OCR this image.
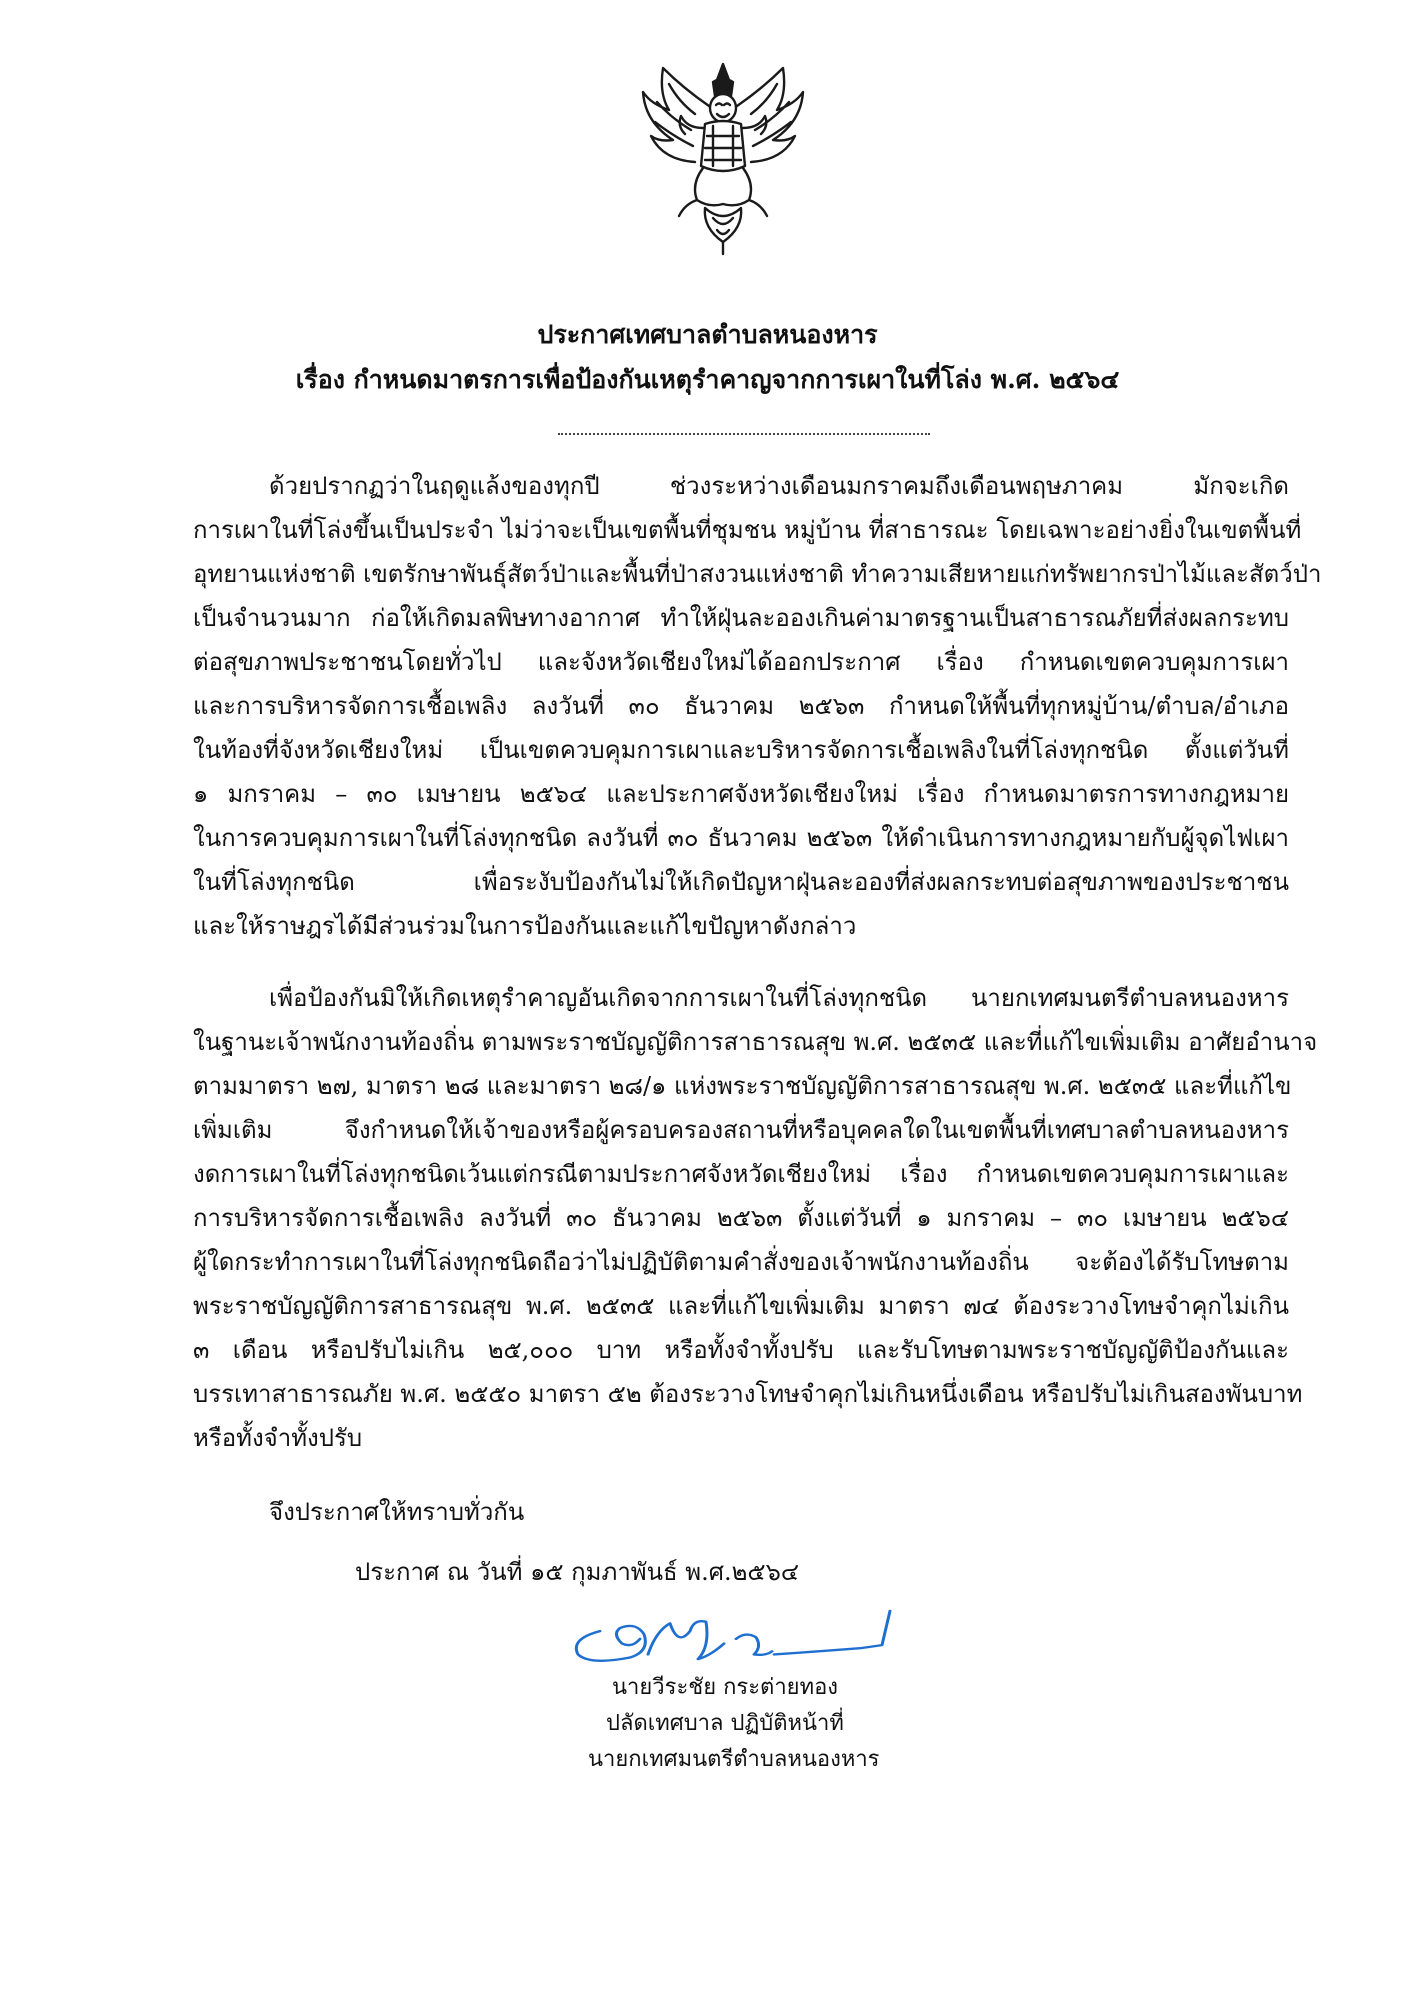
ประกาศเทศบาลตำบลหนองหาร
เรื่อง กำหนดมาตรการเพื่อป้องกันเหตุรำคาญจากการเผาในที่โล่ง พ.ศ. ๒๕๖๔
ด้วยปรากฏว่าในฤดูแล้งของทุกปี ช่วงระหว่างเดือนมกราคมถึงเดือนพฤษภาคม มักจะเกิด
การเผาในที่โล่งขึ้นเป็นประจำ ไม่ว่าจะเป็นเขตพื้นที่ชุมชน หมู่บ้าน ที่สาธารณะ โดยเฉพาะอย่างยิ่งในเขตพื้นที่
อุทยานแห่งชาติ เขตรักษาพันธุ์สัตว์ป่าและพื้นที่ป่าสงวนแห่งชาติ ทำความเสียหายแก่ทรัพยากรป่าไม้และสัตว์ป่า
เป็นจำนวนมาก ก่อให้เกิดมลพิษทางอากาศ ทำให้ฝุ่นละอองเกินค่ามาตรฐานเป็นสาธารณภัยที่ส่งผลกระทบ
ต่อสุขภาพประชาชนโดยทั่วไป และจังหวัดเชียงใหม่ได้ออกประกาศ เรื่อง กำหนดเขตควบคุมการเผา
และการบริหารจัดการเชื้อเพลิง ลงวันที่ ๓๐ ธันวาคม ๒๕๖๓ กำหนดให้พื้นที่ทุกหมู่บ้าน/ตำบล/อำเภอ
ในท้องที่จังหวัดเชียงใหม่ เป็นเขตควบคุมการเผาและบริหารจัดการเชื้อเพลิงในที่โล่งทุกชนิด ตั้งแต่วันที่
๑ มกราคม – ๓๐ เมษายน ๒๕๖๔ และประกาศจังหวัดเชียงใหม่ เรื่อง กำหนดมาตรการทางกฎหมาย
ในการควบคุมการเผาในที่โล่งทุกชนิด ลงวันที่ ๓๐ ธันวาคม ๒๕๖๓ ให้ดำเนินการทางกฎหมายกับผู้จุดไฟเผา
ในที่โล่งทุกชนิด เพื่อระงับป้องกันไม่ให้เกิดปัญหาฝุ่นละอองที่ส่งผลกระทบต่อสุขภาพของประชาชน
และให้ราษฎรได้มีส่วนร่วมในการป้องกันและแก้ไขปัญหาดังกล่าว
เพื่อป้องกันมิให้เกิดเหตุรำคาญอันเกิดจากการเผาในที่โล่งทุกชนิด นายกเทศมนตรีตำบลหนองหาร
ในฐานะเจ้าพนักงานท้องถิ่น ตามพระราชบัญญัติการสาธารณสุข พ.ศ. ๒๕๓๕ และที่แก้ไขเพิ่มเติม อาศัยอำนาจ
ตามมาตรา ๒๗, มาตรา ๒๘ และมาตรา ๒๘/๑ แห่งพระราชบัญญัติการสาธารณสุข พ.ศ. ๒๕๓๕ และที่แก้ไข
เพิ่มเติม จึงกำหนดให้เจ้าของหรือผู้ครอบครองสถานที่หรือบุคคลใดในเขตพื้นที่เทศบาลตำบลหนองหาร
งดการเผาในที่โล่งทุกชนิดเว้นแต่กรณีตามประกาศจังหวัดเชียงใหม่ เรื่อง กำหนดเขตควบคุมการเผาและ
การบริหารจัดการเชื้อเพลิง ลงวันที่ ๓๐ ธันวาคม ๒๕๖๓ ตั้งแต่วันที่ ๑ มกราคม – ๓๐ เมษายน ๒๕๖๔
ผู้ใดกระทำการเผาในที่โล่งทุกชนิดถือว่าไม่ปฏิบัติตามคำสั่งของเจ้าพนักงานท้องถิ่น จะต้องได้รับโทษตาม
พระราชบัญญัติการสาธารณสุข พ.ศ. ๒๕๓๕ และที่แก้ไขเพิ่มเติม มาตรา ๗๔ ต้องระวางโทษจำคุกไม่เกิน
๓ เดือน หรือปรับไม่เกิน ๒๕,๐๐๐ บาท หรือทั้งจำทั้งปรับ และรับโทษตามพระราชบัญญัติป้องกันและ
บรรเทาสาธารณภัย พ.ศ. ๒๕๕๐ มาตรา ๕๒ ต้องระวางโทษจำคุกไม่เกินหนึ่งเดือน หรือปรับไม่เกินสองพันบาท
หรือทั้งจำทั้งปรับ
จึงประกาศให้ทราบทั่วกัน
ประกาศ ณ วันที่ ๑๕ กุมภาพันธ์ พ.ศ.๒๕๖๔
นายวีระชัย กระต่ายทอง
ปลัดเทศบาล ปฏิบัติหน้าที่
นายกเทศมนตรีตำบลหนองหาร
